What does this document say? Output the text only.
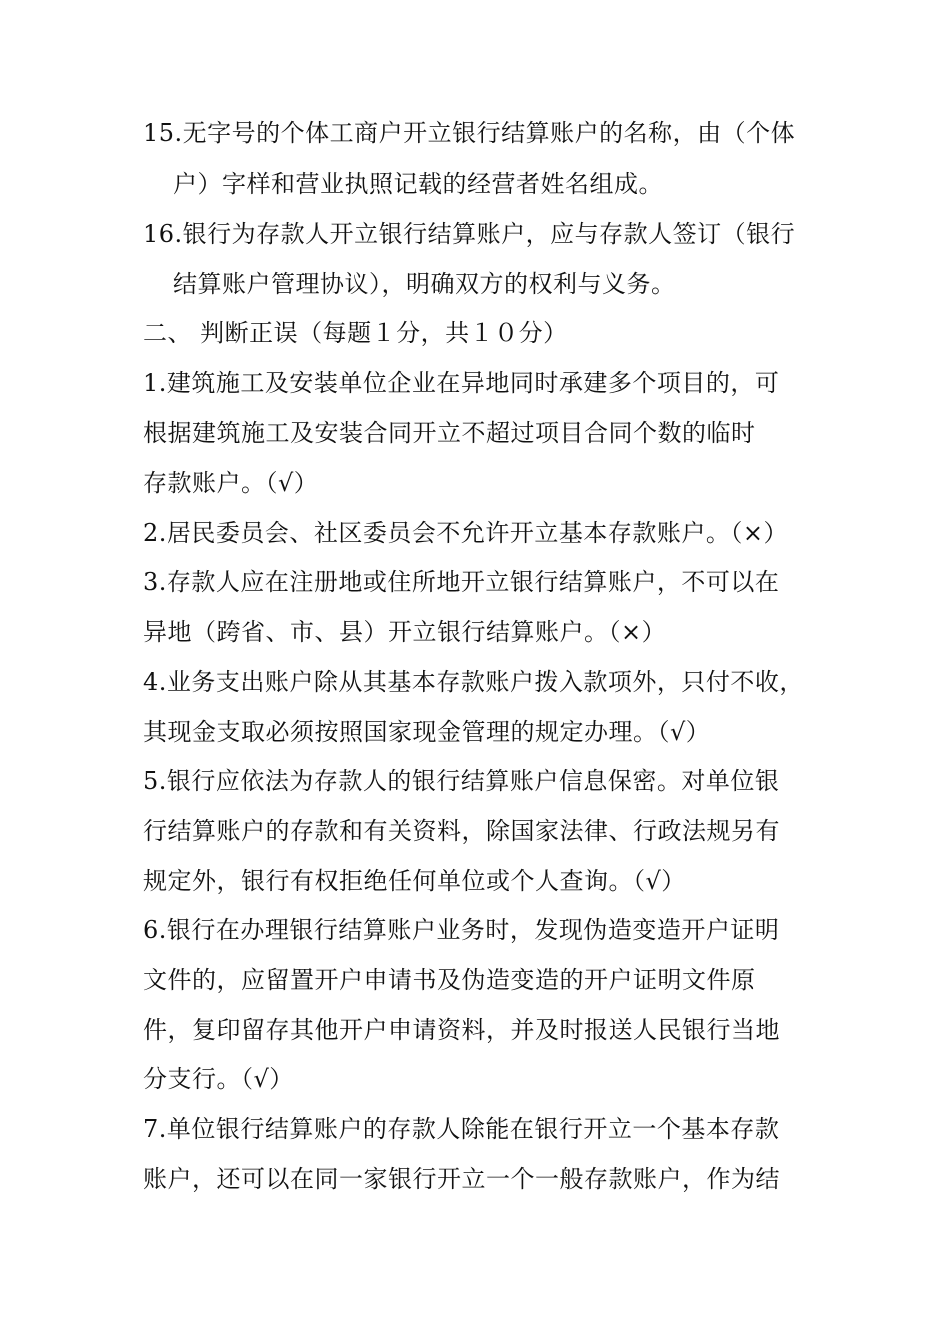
15.无字号的个体工商户开立银行结算账户的名称，由（个体
户）字样和营业执照记载的经营者姓名组成。
16.银行为存款人开立银行结算账户，应与存款人签订（银行
结算账户管理协议），明确双方的权利与义务。
二、 判断正误（每题１分，共１０分）
1.建筑施工及安装单位企业在异地同时承建多个项目的，可
根据建筑施工及安装合同开立不超过项目合同个数的临时
存款账户。（√）
2.居民委员会、社区委员会不允许开立基本存款账户。（×）
3.存款人应在注册地或住所地开立银行结算账户，不可以在
异地（跨省、市、县）开立银行结算账户。（×）
4.业务支出账户除从其基本存款账户拨入款项外，只付不收，
其现金支取必须按照国家现金管理的规定办理。（√）
5.银行应依法为存款人的银行结算账户信息保密。对单位银
行结算账户的存款和有关资料，除国家法律、行政法规另有
规定外，银行有权拒绝任何单位或个人查询。（√）
6.银行在办理银行结算账户业务时，发现伪造变造开户证明
文件的，应留置开户申请书及伪造变造的开户证明文件原
件，复印留存其他开户申请资料，并及时报送人民银行当地
分支行。（√）
7.单位银行结算账户的存款人除能在银行开立一个基本存款
账户，还可以在同一家银行开立一个一般存款账户，作为结
